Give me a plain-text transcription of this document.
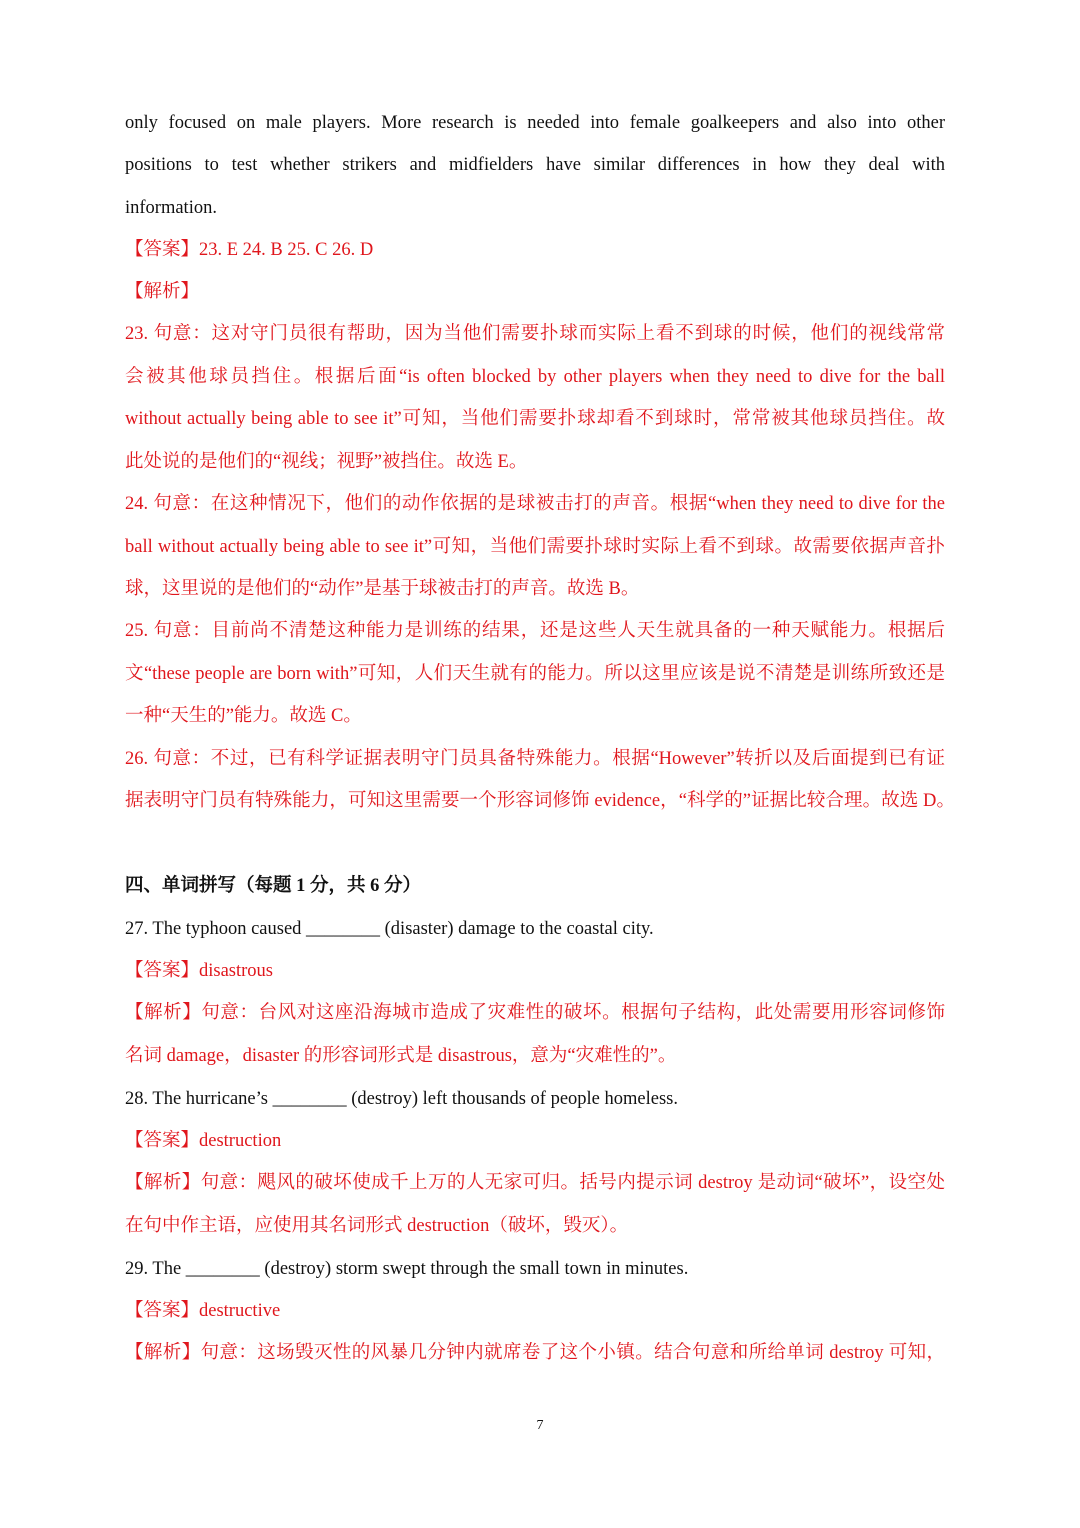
only focused on male players. More research is needed into female goalkeepers and also into other

positions to test whether strikers and midfielders have similar differences in how they deal with

information.

【答案】23. E 24. B 25. C 26. D

【解析】

23. 句意：这对守门员很有帮助，因为当他们需要扑球而实际上看不到球的时候，他们的视线常常

会被其他球员挡住。根据后面“is often blocked by other players when they need to dive for the ball

without actually being able to see it”可知，当他们需要扑球却看不到球时，常常被其他球员挡住。故

此处说的是他们的“视线；视野”被挡住。故选 E。

24. 句意：在这种情况下，他们的动作依据的是球被击打的声音。根据“when they need to dive for the

ball without actually being able to see it”可知，当他们需要扑球时实际上看不到球。故需要依据声音扑

球，这里说的是他们的“动作”是基于球被击打的声音。故选 B。

25. 句意：目前尚不清楚这种能力是训练的结果，还是这些人天生就具备的一种天赋能力。根据后

文“these people are born with”可知，人们天生就有的能力。所以这里应该是说不清楚是训练所致还是

一种“天生的”能力。故选 C。

26. 句意：不过，已有科学证据表明守门员具备特殊能力。根据“However”转折以及后面提到已有证

据表明守门员有特殊能力，可知这里需要一个形容词修饰 evidence，“科学的”证据比较合理。故选 D。

四、单词拼写（每题 1 分，共 6 分）

27. The typhoon caused ________ (disaster) damage to the coastal city.

【答案】disastrous

【解析】句意：台风对这座沿海城市造成了灾难性的破坏。根据句子结构，此处需要用形容词修饰

名词 damage，disaster 的形容词形式是 disastrous，意为“灾难性的”。

28. The hurricane’s ________ (destroy) left thousands of people homeless.

【答案】destruction

【解析】句意：飓风的破坏使成千上万的人无家可归。括号内提示词 destroy 是动词“破坏”，设空处

在句中作主语，应使用其名词形式 destruction（破坏，毁灭）。

29. The ________ (destroy) storm swept through the small town in minutes.

【答案】destructive

【解析】句意：这场毁灭性的风暴几分钟内就席卷了这个小镇。结合句意和所给单词 destroy 可知，

7
